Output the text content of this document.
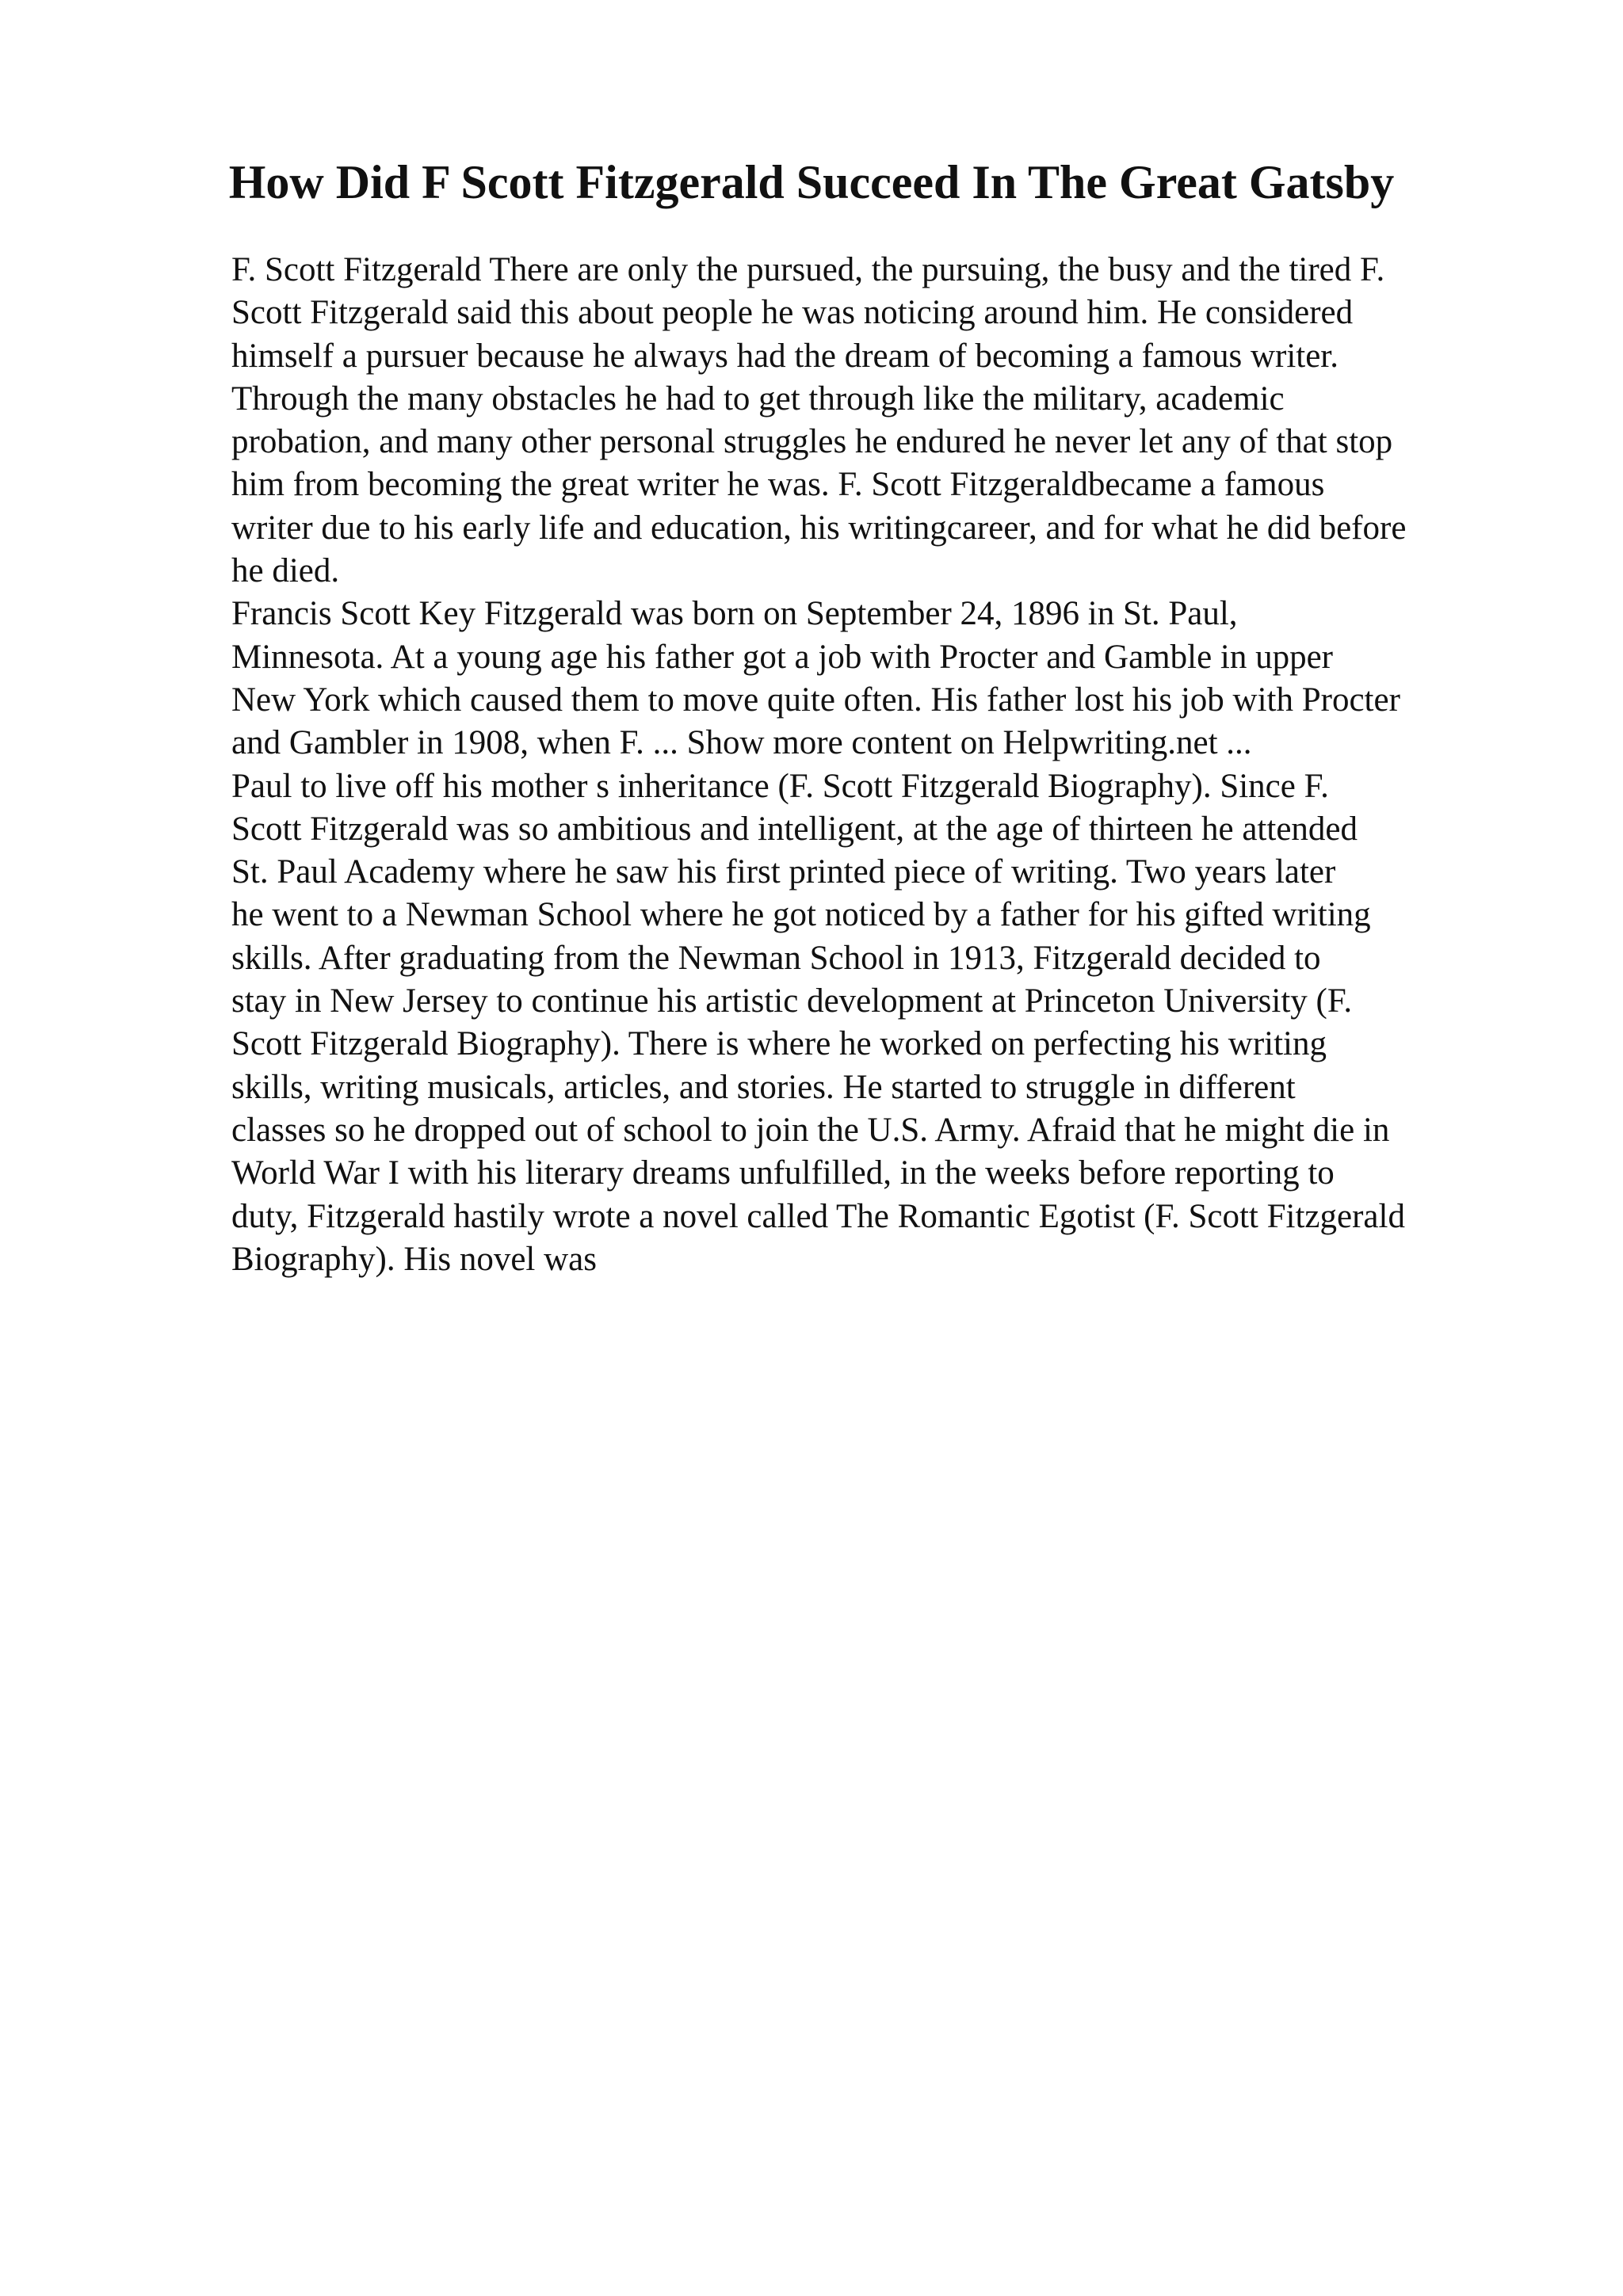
How Did F Scott Fitzgerald Succeed In The Great Gatsby
F. Scott Fitzgerald There are only the pursued, the pursuing, the busy and the tired F.
Scott Fitzgerald said this about people he was noticing around him. He considered
himself a pursuer because he always had the dream of becoming a famous writer.
Through the many obstacles he had to get through like the military, academic
probation, and many other personal struggles he endured he never let any of that stop
him from becoming the great writer he was. F. Scott Fitzgeraldbecame a famous
writer due to his early life and education, his writingcareer, and for what he did before
he died.
Francis Scott Key Fitzgerald was born on September 24, 1896 in St. Paul,
Minnesota. At a young age his father got a job with Procter and Gamble in upper
New York which caused them to move quite often. His father lost his job with Procter
and Gambler in 1908, when F. ... Show more content on Helpwriting.net ...
Paul to live off his mother s inheritance (F. Scott Fitzgerald Biography). Since F.
Scott Fitzgerald was so ambitious and intelligent, at the age of thirteen he attended
St. Paul Academy where he saw his first printed piece of writing. Two years later
he went to a Newman School where he got noticed by a father for his gifted writing
skills. After graduating from the Newman School in 1913, Fitzgerald decided to
stay in New Jersey to continue his artistic development at Princeton University (F.
Scott Fitzgerald Biography). There is where he worked on perfecting his writing
skills, writing musicals, articles, and stories. He started to struggle in different
classes so he dropped out of school to join the U.S. Army. Afraid that he might die in
World War I with his literary dreams unfulfilled, in the weeks before reporting to
duty, Fitzgerald hastily wrote a novel called The Romantic Egotist (F. Scott Fitzgerald
Biography). His novel was
